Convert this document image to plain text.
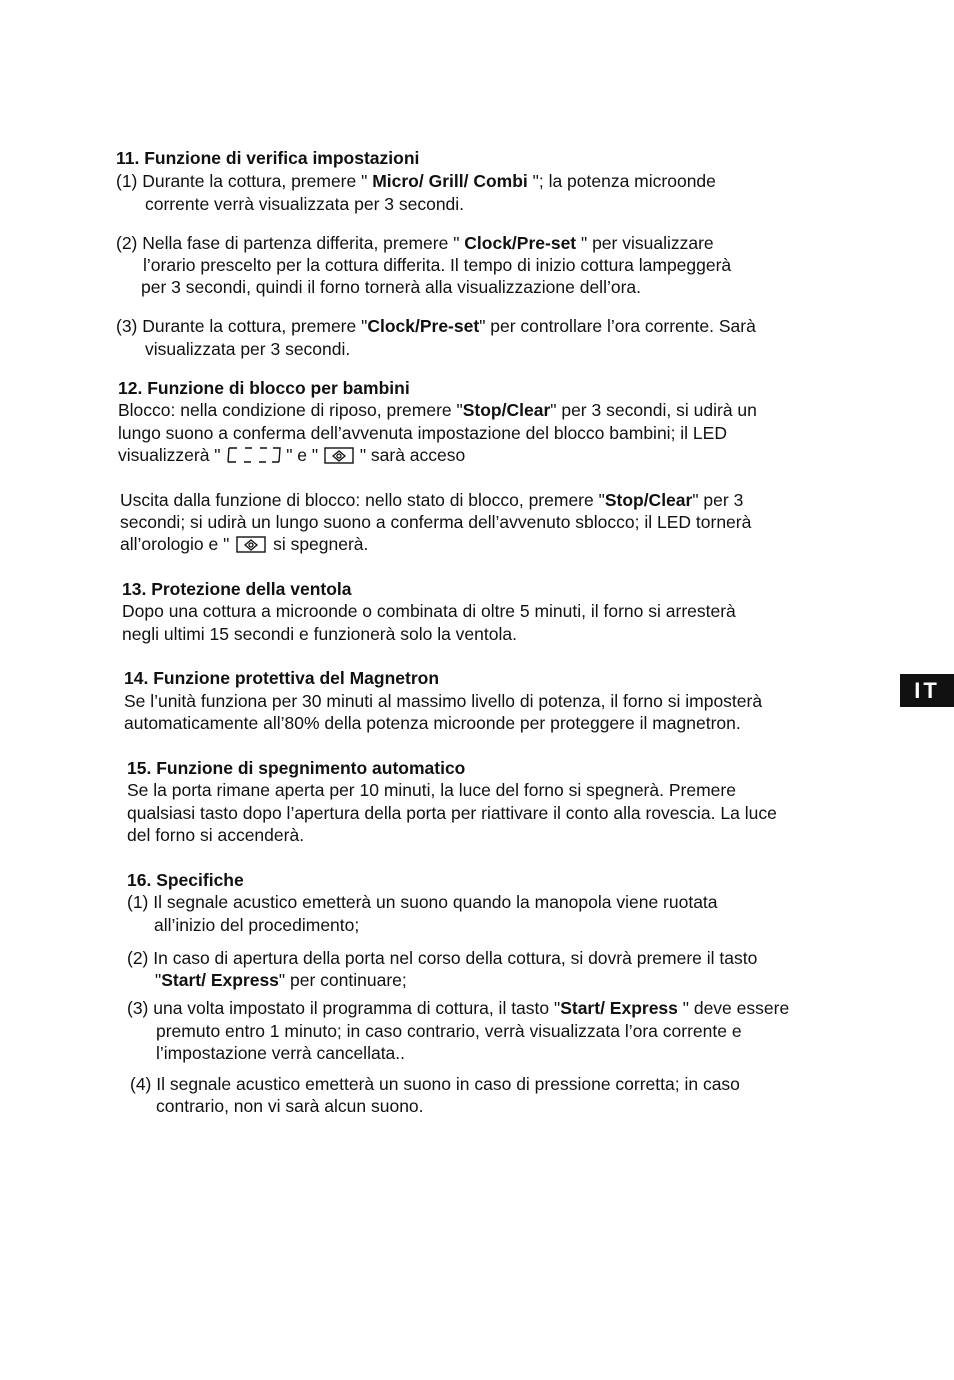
11. Funzione di verifica impostazioni
(1) Durante la cottura, premere " Micro/ Grill/ Combi "; la potenza microonde
corrente verrà visualizzata per 3 secondi.
(2) Nella fase di partenza differita, premere " Clock/Pre-set " per visualizzare
l’orario prescelto per la cottura differita. Il tempo di inizio cottura lampeggerà
per 3 secondi, quindi il forno tornerà alla visualizzazione dell’ora.
(3) Durante la cottura, premere "Clock/Pre-set" per controllare l’ora corrente. Sarà
visualizzata per 3 secondi.
12. Funzione di blocco per bambini
Blocco: nella condizione di riposo, premere "Stop/Clear" per 3 secondi, si udirà un
lungo suono a conferma dell’avvenuta impostazione del blocco bambini; il LED
visualizzerà "	" e "  " sarà acceso
Uscita dalla funzione di blocco: nello stato di blocco, premere "Stop/Clear" per 3
secondi; si udirà un lungo suono a conferma dell’avvenuto sblocco; il LED tornerà
all’orologio e "  si spegnerà.
13. Protezione della ventola
Dopo una cottura a microonde o combinata di oltre 5 minuti, il forno si arresterà
negli ultimi 15 secondi e funzionerà solo la ventola.
14. Funzione protettiva del Magnetron
Se l’unità funziona per 30 minuti al massimo livello di potenza, il forno si imposterà
automaticamente all’80% della potenza microonde per proteggere il magnetron.
15. Funzione di spegnimento automatico
Se la porta rimane aperta per 10 minuti, la luce del forno si spegnerà. Premere
qualsiasi tasto dopo l’apertura della porta per riattivare il conto alla rovescia. La luce
del forno si accenderà.
16. Specifiche
(1) Il segnale acustico emetterà un suono quando la manopola viene ruotata
all’inizio del procedimento;
(2) In caso di apertura della porta nel corso della cottura, si dovrà premere il tasto
"Start/ Express" per continuare;
(3) una volta impostato il programma di cottura, il tasto "Start/ Express " deve essere
premuto entro 1 minuto; in caso contrario, verrà visualizzata l’ora corrente e
l’impostazione verrà cancellata..
(4) Il segnale acustico emetterà un suono in caso di pressione corretta; in caso
contrario, non vi sarà alcun suono.
IT
